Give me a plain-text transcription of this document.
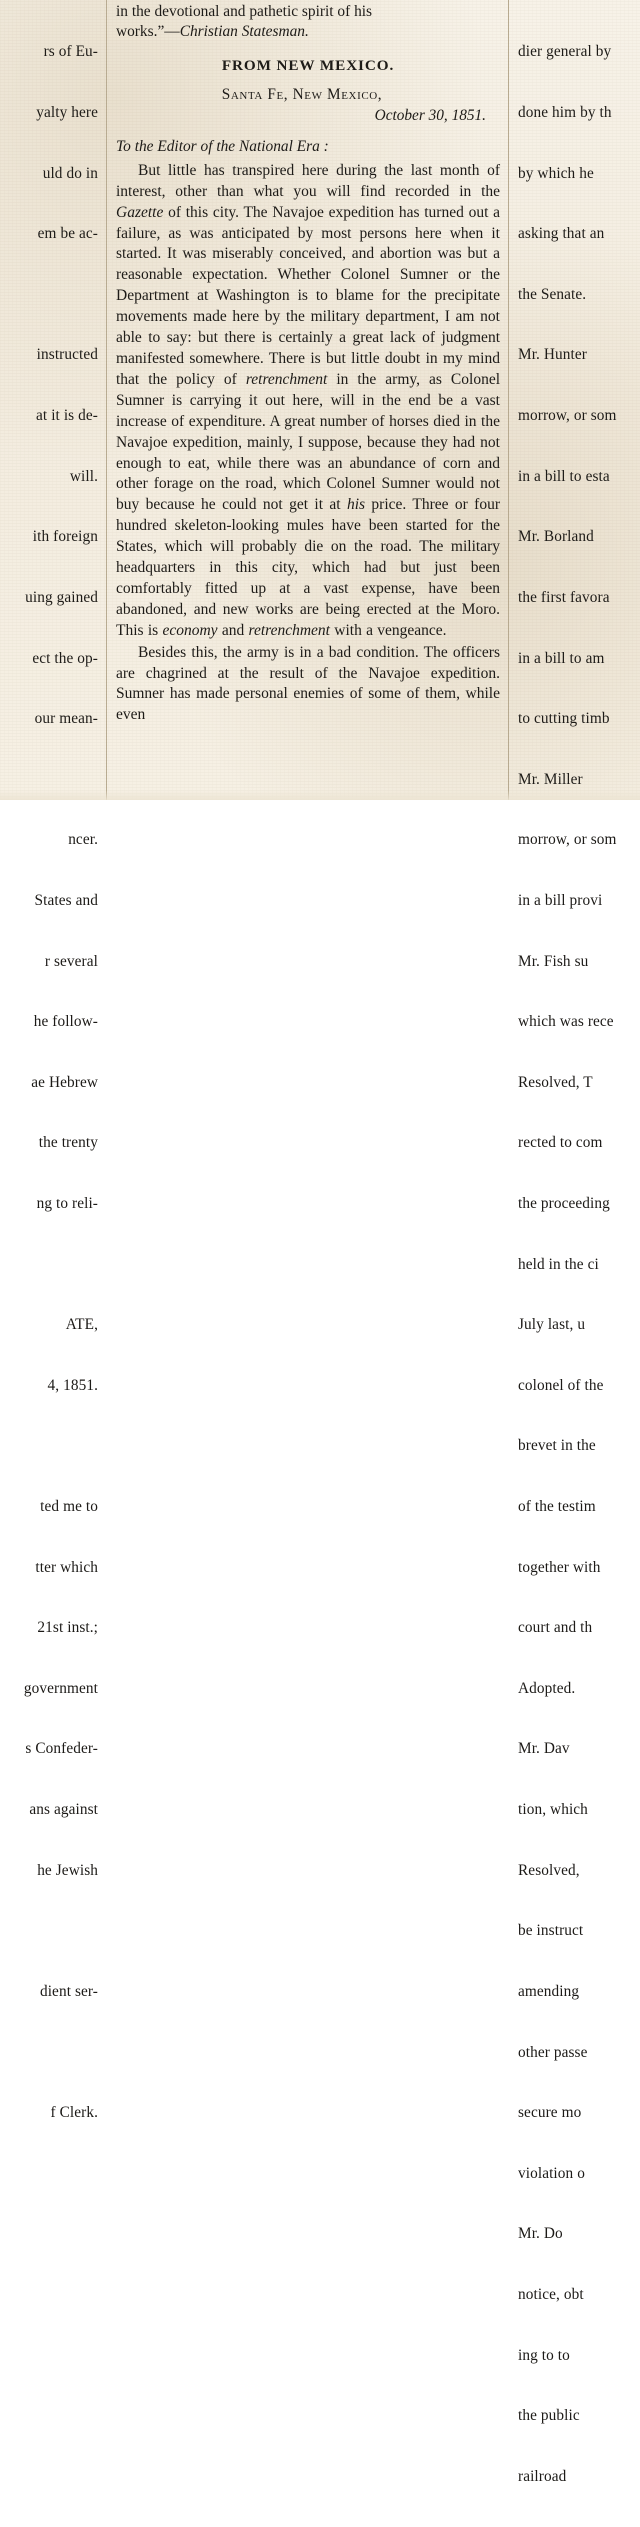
rs of Eu-

yalty here

uld do in

em be ac-

instructed

at it is de-

will.

ith foreign

uing gained

ect the op-

our mean-

ncer.

States and

r several

he follow-

ae Hebrew

the trenty

ng to reli-

ATE,

4, 1851.

ted me to

tter which

21st inst.;

government

s Confeder-

ans against

he Jewish

dient ser-

f Clerk.

in the devotional and pathetic spirit of his
works.”—Christian Statesman.

FROM NEW MEXICO.
Santa Fe, New Mexico,
October 30, 1851.

To the Editor of the National Era :

But little has transpired here during the last month of interest, other than what you will find recorded in the Gazette of this city. The Navajoe expedition has turned out a failure, as was anticipated by most persons here when it started. It was miserably conceived, and abortion was but a reasonable expectation. Whether Colonel Sumner or the Department at Washington is to blame for the precipitate movements made here by the military department, I am not able to say: but there is certainly a great lack of judgment manifested somewhere. There is but little doubt in my mind that the policy of retrenchment in the army, as Colonel Sumner is carrying it out here, will in the end be a vast increase of expenditure. A great number of horses died in the Navajoe expedition, mainly, I suppose, because they had not enough to eat, while there was an abundance of corn and other forage on the road, which Colonel Sumner would not buy because he could not get it at his price. Three or four hundred skeleton-looking mules have been started for the States, which will probably die on the road. The military headquarters in this city, which had but just been comfortably fitted up at a vast expense, have been abandoned, and new works are being erected at the Moro. This is economy and retrenchment with a vengeance.

Besides this, the army is in a bad condition. The officers are chagrined at the result of the Navajoe expedition. Sumner has made personal enemies of some of them, while even

dier general by

done him by th

by which he

asking that an

the Senate.

Mr. Hunter

morrow, or som

in a bill to esta

Mr. Borland

the first favora

in a bill to am

to cutting timb

Mr. Miller

morrow, or som

in a bill provi

Mr. Fish su

which was rece

Resolved, T

rected to com

the proceeding

held in the ci

July last, u

colonel of the

brevet in the

of the testim

together with

court and th

Adopted.

Mr. Dav

tion, which

Resolved,

be instruct

amending

other passe

secure mo

violation o

Mr. Do

notice, obt

ing to to

the public

railroad
